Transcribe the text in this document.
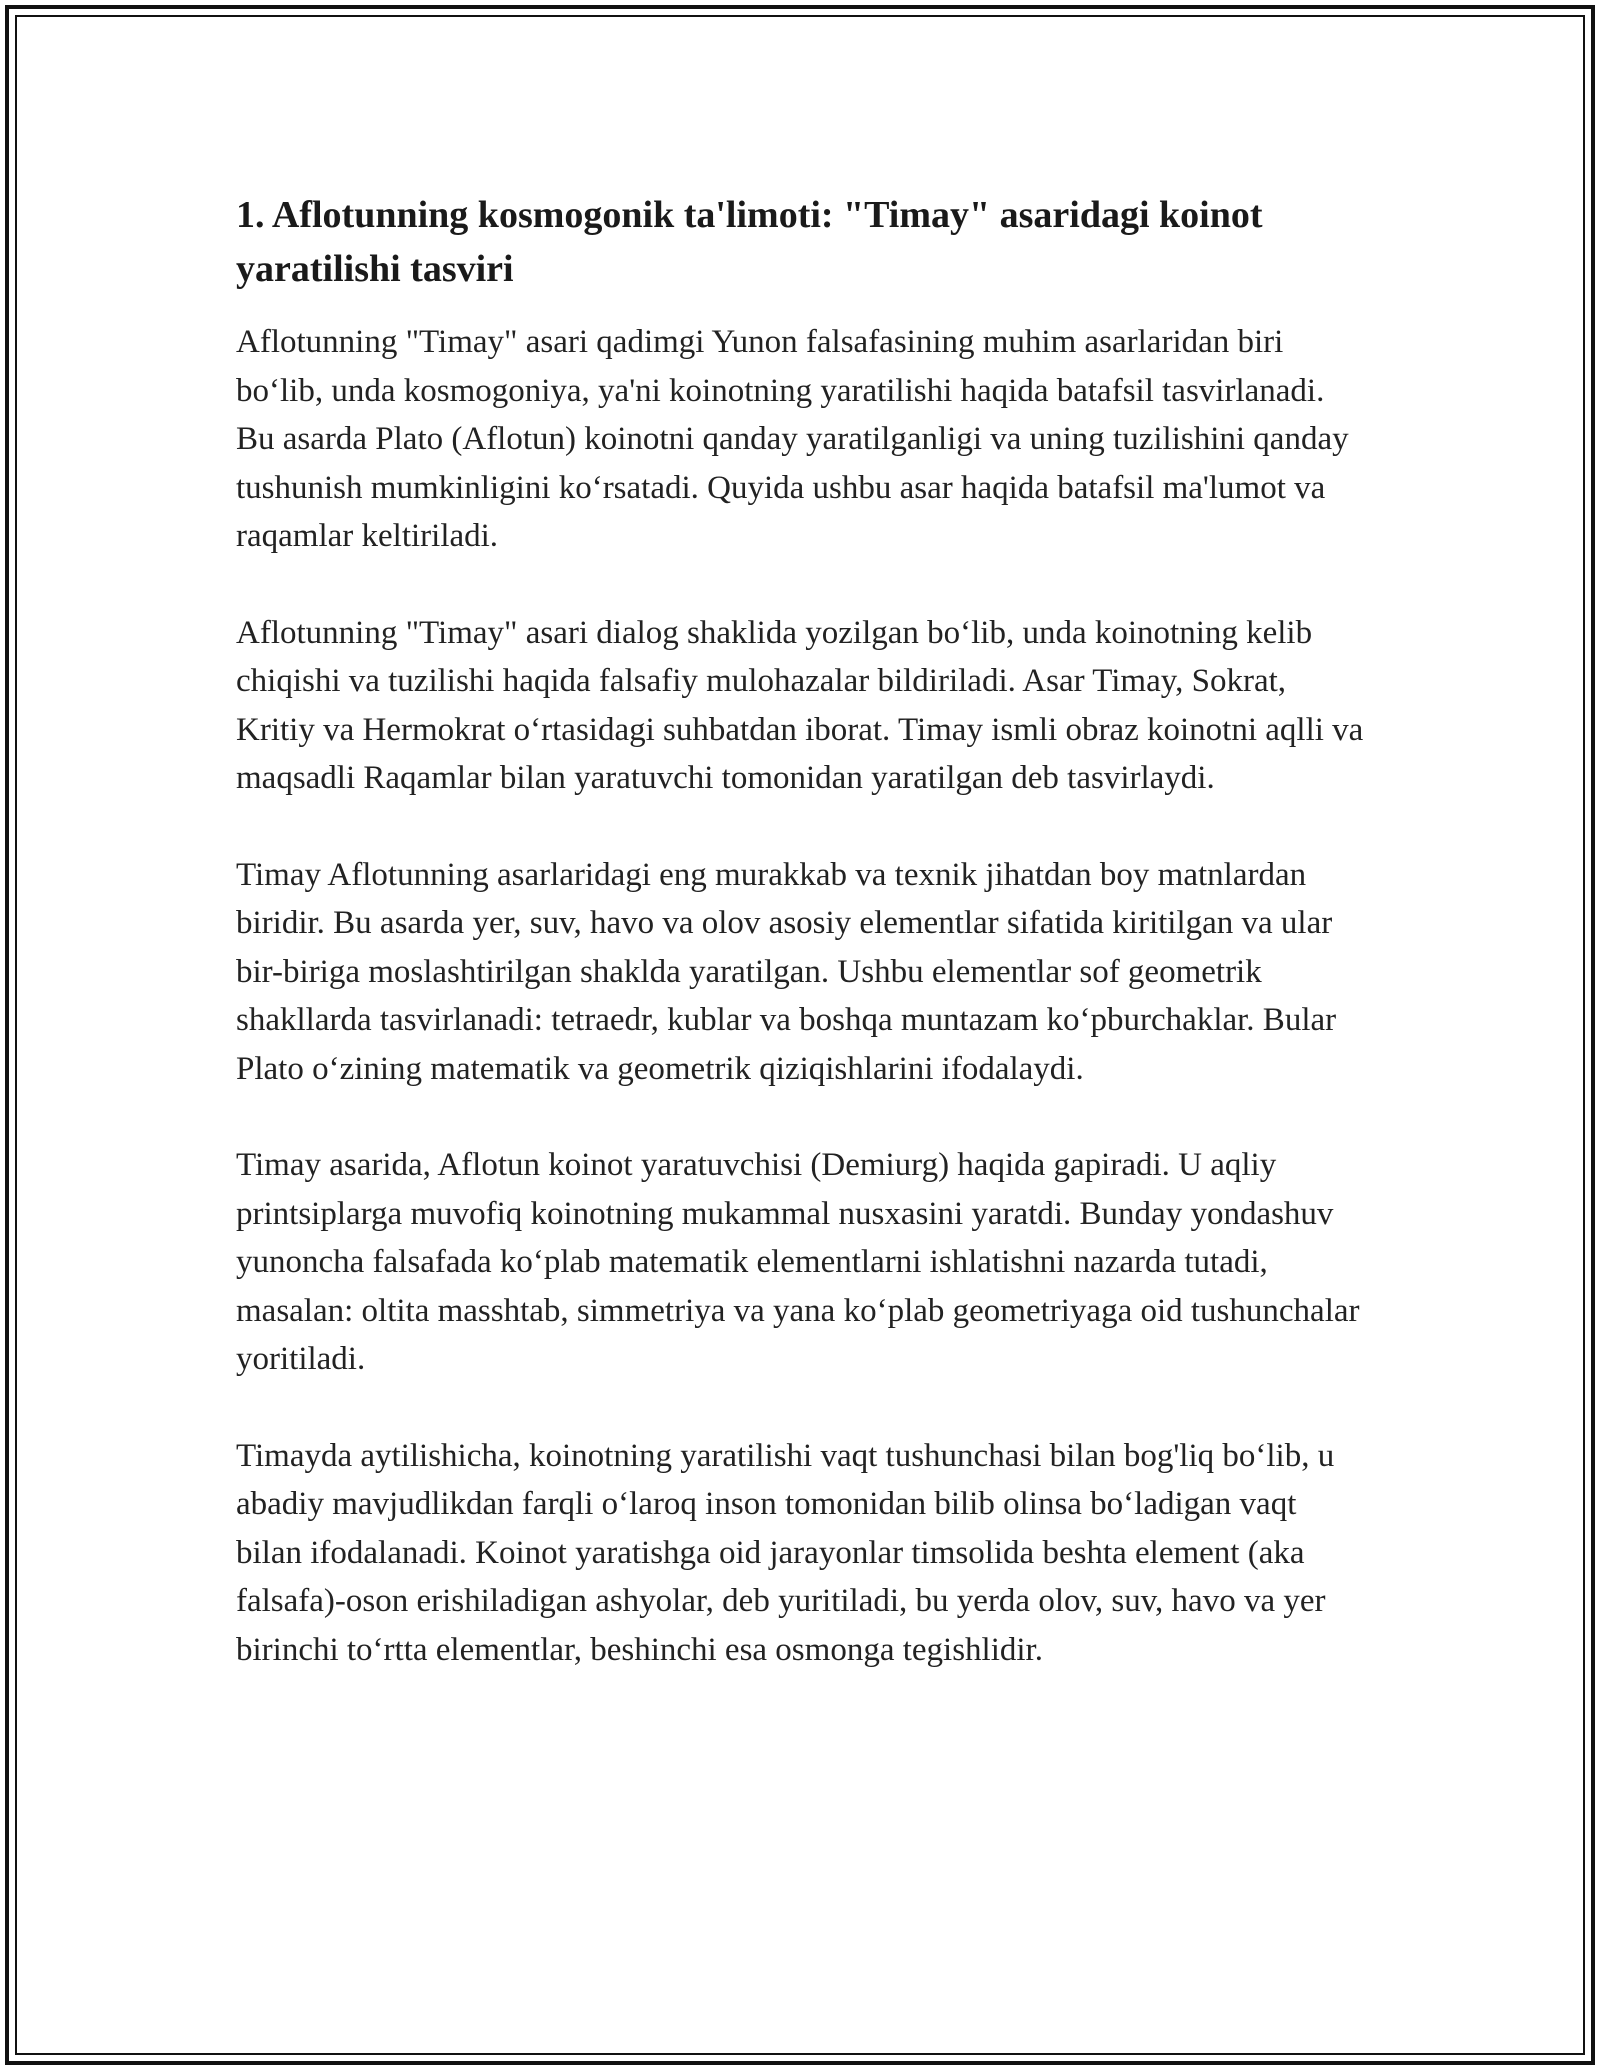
1. Aflotunning kosmogonik ta'limoti: "Timay" asaridagi koinot yaratilishi tasviri

Aflotunning "Timay" asari qadimgi Yunon falsafasining muhim asarlaridan biri boʻlib, unda kosmogoniya, ya'ni koinotning yaratilishi haqida batafsil tasvirlanadi. Bu asarda Plato (Aflotun) koinotni qanday yaratilganligi va uning tuzilishini qanday tushunish mumkinligini koʻrsatadi. Quyida ushbu asar haqida batafsil ma'lumot va raqamlar keltiriladi.

Aflotunning "Timay" asari dialog shaklida yozilgan boʻlib, unda koinotning kelib chiqishi va tuzilishi haqida falsafiy mulohazalar bildiriladi. Asar Timay, Sokrat, Kritiy va Hermokrat oʻrtasidagi suhbatdan iborat. Timay ismli obraz koinotni aqlli va maqsadli Raqamlar bilan yaratuvchi tomonidan yaratilgan deb tasvirlaydi.

Timay Aflotunning asarlaridagi eng murakkab va texnik jihatdan boy matnlardan biridir. Bu asarda yer, suv, havo va olov asosiy elementlar sifatida kiritilgan va ular bir-biriga moslashtirilgan shaklda yaratilgan. Ushbu elementlar sof geometrik shakllarda tasvirlanadi: tetraedr, kublar va boshqa muntazam koʻpburchaklar. Bular Plato oʻzining matematik va geometrik qiziqishlarini ifodalaydi.

Timay asarida, Aflotun koinot yaratuvchisi (Demiurg) haqida gapiradi. U aqliy printsiplarga muvofiq koinotning mukammal nusxasini yaratdi. Bunday yondashuv yunoncha falsafada koʻplab matematik elementlarni ishlatishni nazarda tutadi, masalan: oltita masshtab, simmetriya va yana koʻplab geometriyaga oid tushunchalar yoritiladi.

Timayda aytilishicha, koinotning yaratilishi vaqt tushunchasi bilan bog'liq boʻlib, u abadiy mavjudlikdan farqli oʻlaroq inson tomonidan bilib olinsa boʻladigan vaqt bilan ifodalanadi. Koinot yaratishga oid jarayonlar timsolida beshta element (aka falsafa)-oson erishiladigan ashyolar, deb yuritiladi, bu yerda olov, suv, havo va yer birinchi toʻrtta elementlar, beshinchi esa osmonga tegishlidir.
